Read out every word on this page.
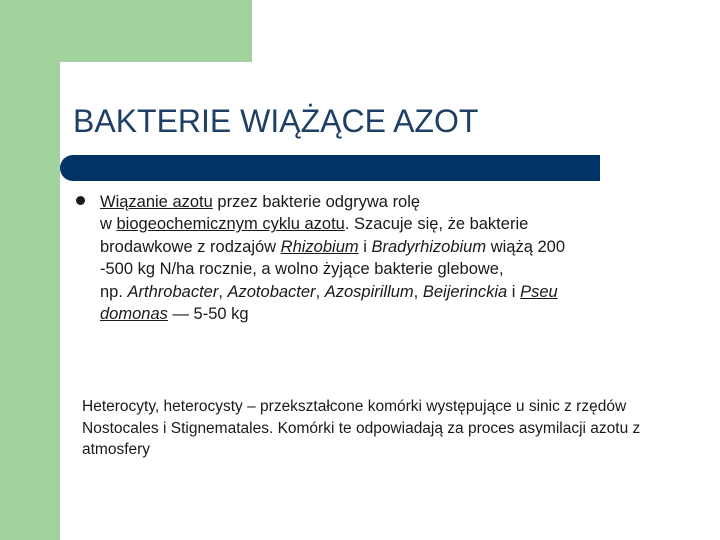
BAKTERIE WIĄŻĄCE AZOT

Wiązanie azotu przez bakterie odgrywa rolę
w biogeochemicznym cyklu azotu. Szacuje się, że bakterie
brodawkowe z rodzajów Rhizobium i Bradyrhizobium wiążą 200
-500 kg N/ha rocznie, a wolno żyjące bakterie glebowe,
np. Arthrobacter, Azotobacter, Azospirillum, Beijerinckia i Pseu
domonas — 5-50 kg

Heterocyty, heterocysty – przekształcone komórki występujące u sinic z rzędów Nostocales i Stignematales. Komórki te odpowiadają za proces asymilacji azotu z atmosfery
